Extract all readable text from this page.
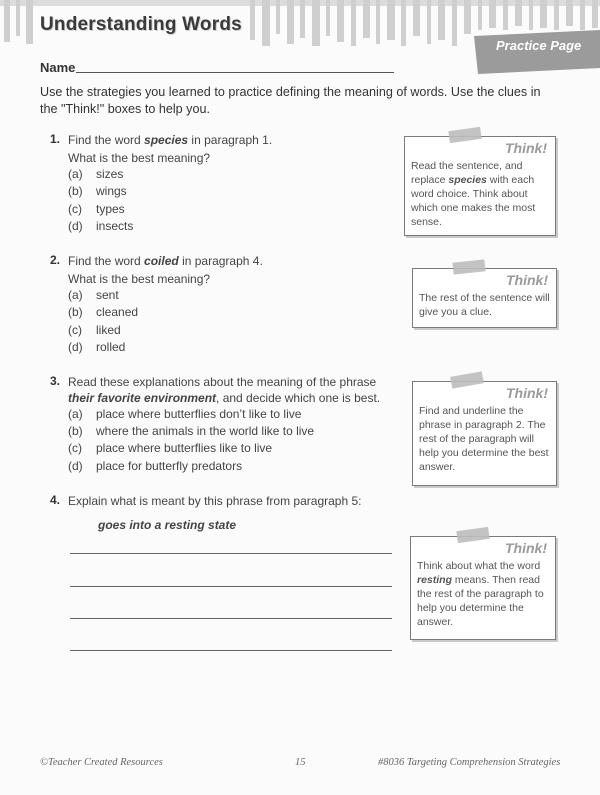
Understanding Words
Practice Page
Name
Use the strategies you learned to practice defining the meaning of words. Use the clues in the "Think!" boxes to help you.
1. Find the word species in paragraph 1.
What is the best meaning?
(a) sizes
(b) wings
(c) types
(d) insects
2. Find the word coiled in paragraph 4.
What is the best meaning?
(a) sent
(b) cleaned
(c) liked
(d) rolled
3. Read these explanations about the meaning of the phrase
their favorite environment, and decide which one is best.
(a) place where butterflies don’t like to live
(b) where the animals in the world like to live
(c) place where butterflies like to live
(d) place for butterfly predators
4. Explain what is meant by this phrase from paragraph 5:
goes into a resting state
Think!
Read the sentence, and replace species with each word choice. Think about which one makes the most sense.
Think!
The rest of the sentence will give you a clue.
Think!
Find and underline the phrase in paragraph 2. The rest of the paragraph will help you determine the best answer.
Think!
Think about what the word resting means. Then read the rest of the paragraph to help you determine the answer.
©Teacher Created Resources	15	#8036 Targeting Comprehension Strategies
